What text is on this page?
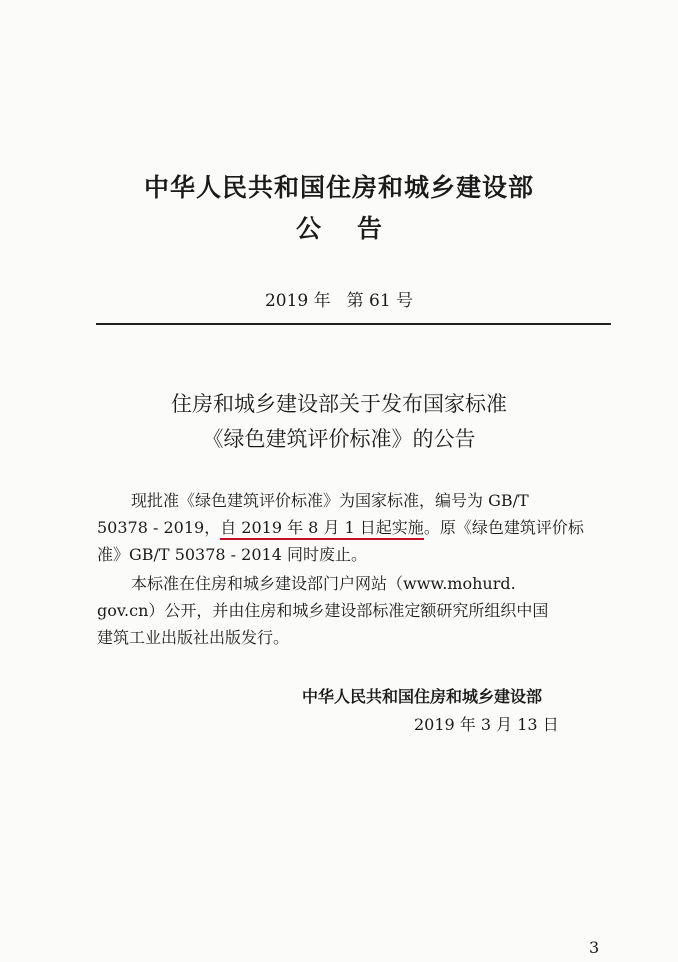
中华人民共和国住房和城乡建设部
公告
2019 年 第 61 号
住房和城乡建设部关于发布国家标准
《绿色建筑评价标准》的公告
现批准《绿色建筑评价标准》为国家标准，编号为 GB/T
50378 - 2019，自 2019 年 8 月 1 日起实施。原《绿色建筑评价标
准》GB/T 50378 - 2014 同时废止。
本标准在住房和城乡建设部门户网站（www.mohurd.
gov.cn）公开，并由住房和城乡建设部标准定额研究所组织中国
建筑工业出版社出版发行。
中华人民共和国住房和城乡建设部
2019 年 3 月 13 日
3
